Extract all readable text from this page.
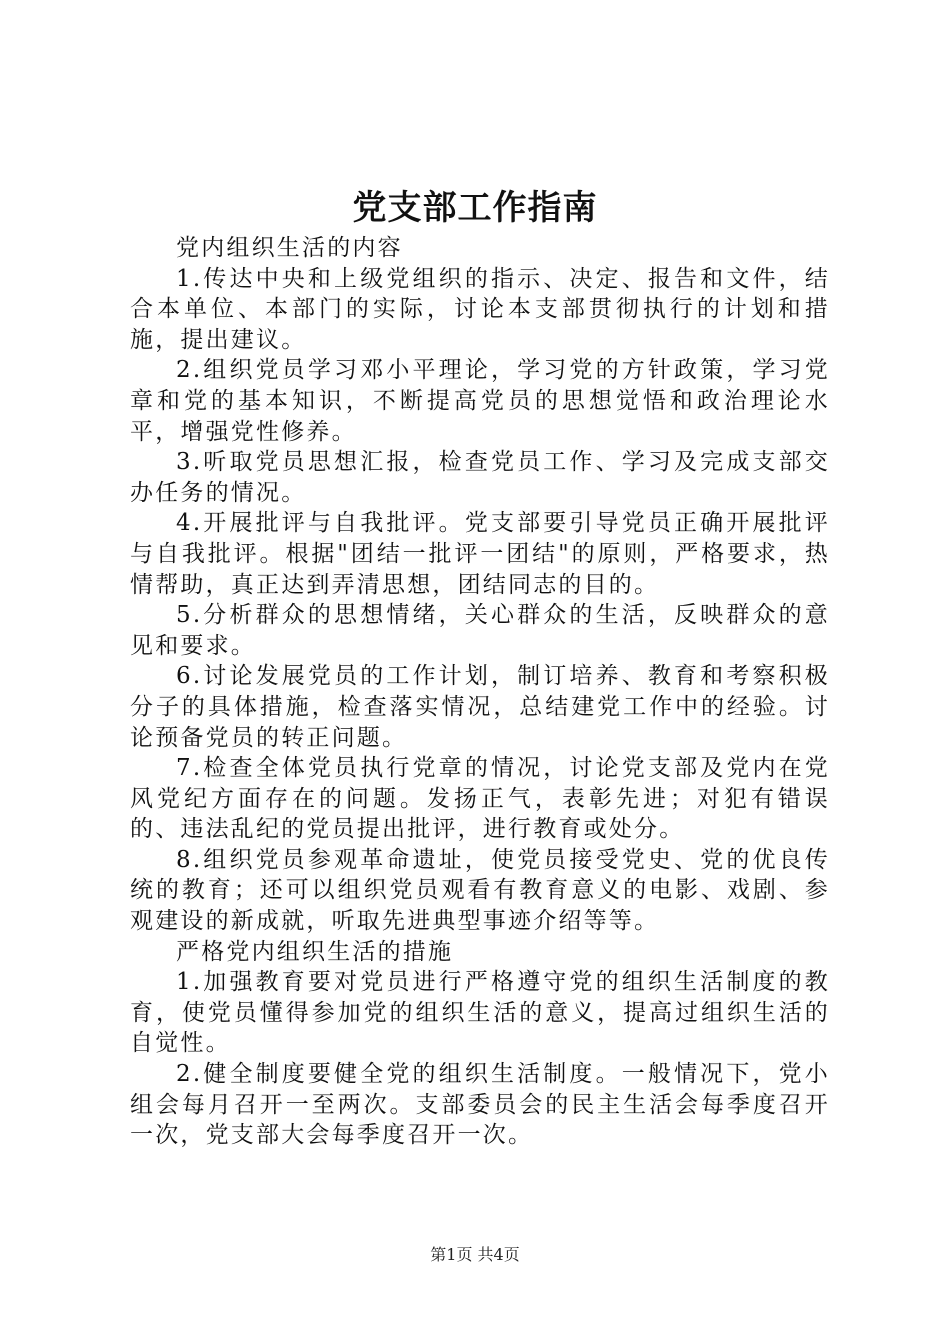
党支部工作指南

党内组织生活的内容

1.传达中央和上级党组织的指示、决定、报告和文件，结合本单位、本部门的实际，讨论本支部贯彻执行的计划和措施，提出建议。

2.组织党员学习邓小平理论，学习党的方针政策，学习党章和党的基本知识，不断提高党员的思想觉悟和政治理论水平，增强党性修养。

3.听取党员思想汇报，检查党员工作、学习及完成支部交办任务的情况。

4.开展批评与自我批评。党支部要引导党员正确开展批评与自我批评。根据"团结一批评一团结"的原则，严格要求，热情帮助，真正达到弄清思想，团结同志的目的。

5.分析群众的思想情绪，关心群众的生活，反映群众的意见和要求。

6.讨论发展党员的工作计划，制订培养、教育和考察积极分子的具体措施，检查落实情况，总结建党工作中的经验。讨论预备党员的转正问题。

7.检查全体党员执行党章的情况，讨论党支部及党内在党风党纪方面存在的问题。发扬正气，表彰先进；对犯有错误的、违法乱纪的党员提出批评，进行教育或处分。

8.组织党员参观革命遗址，使党员接受党史、党的优良传统的教育；还可以组织党员观看有教育意义的电影、戏剧、参观建设的新成就，听取先进典型事迹介绍等等。

严格党内组织生活的措施

1.加强教育要对党员进行严格遵守党的组织生活制度的教育，使党员懂得参加党的组织生活的意义，提高过组织生活的自觉性。

2.健全制度要健全党的组织生活制度。一般情况下，党小组会每月召开一至两次。支部委员会的民主生活会每季度召开一次，党支部大会每季度召开一次。

第1页 共4页
